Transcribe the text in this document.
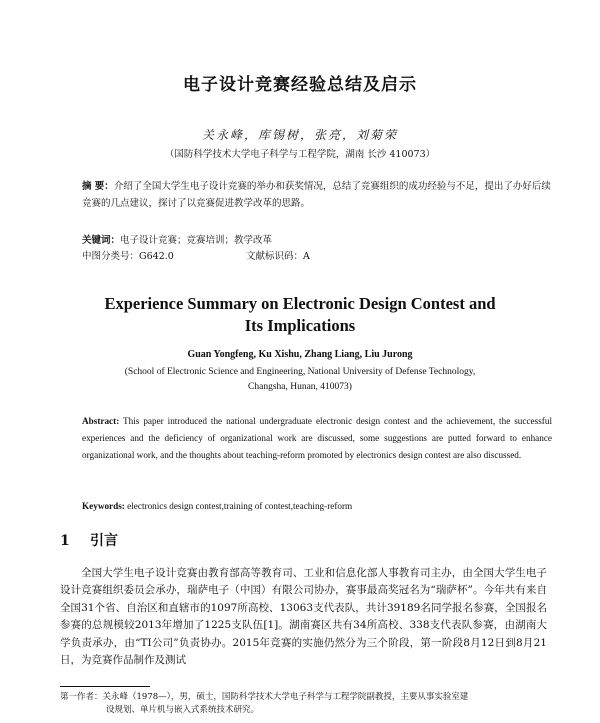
电子设计竞赛经验总结及启示
关永峰，库锡树，张亮，刘菊荣
（国防科学技术大学电子科学与工程学院，湖南 长沙 410073）
摘 要：介绍了全国大学生电子设计竞赛的举办和获奖情况，总结了竞赛组织的成功经验与不足，提出了办好后续竞赛的几点建议，探讨了以竞赛促进教学改革的思路。
关键词：电子设计竞赛；竞赛培训；教学改革
中图分类号：G642.0	文献标识码：A
Experience Summary on Electronic Design Contest and
Its Implications
Guan Yongfeng, Ku Xishu, Zhang Liang, Liu Jurong
(School of Electronic Science and Engineering, National University of Defense Technology,
Changsha, Hunan, 410073)
Abstract: This paper introduced the national undergraduate electronic design contest and the achievement, the successful experiences and the deficiency of organizational work are discussed, some suggestions are putted forward to enhance organizational work, and the thoughts about teaching-reform promoted by electronics design contest are also discussed.
Keywords: electronics design contest,training of contest,teaching-reform
1 引言
全国大学生电子设计竞赛由教育部高等教育司、工业和信息化部人事教育司主办，由全国大学生电子设计竞赛组织委员会承办，瑞萨电子（中国）有限公司协办，赛事最高奖冠名为“瑞萨杯”。今年共有来自全国31个省、自治区和直辖市的1097所高校、13063支代表队，共计39189名同学报名参赛，全国报名参赛的总规模较2013年增加了1225支队伍[1]。湖南赛区共有34所高校、338支代表队参赛，由湖南大学负责承办，由“TI公司”负责协办。2015年竞赛的实施仍然分为三个阶段，第一阶段8月12日到8月21日，为竞赛作品制作及测试
第一作者：关永峰（1978—），男，硕士，国防科学技术大学电子科学与工程学院副教授，主要从事实验室建
设规划、单片机与嵌入式系统技术研究。
